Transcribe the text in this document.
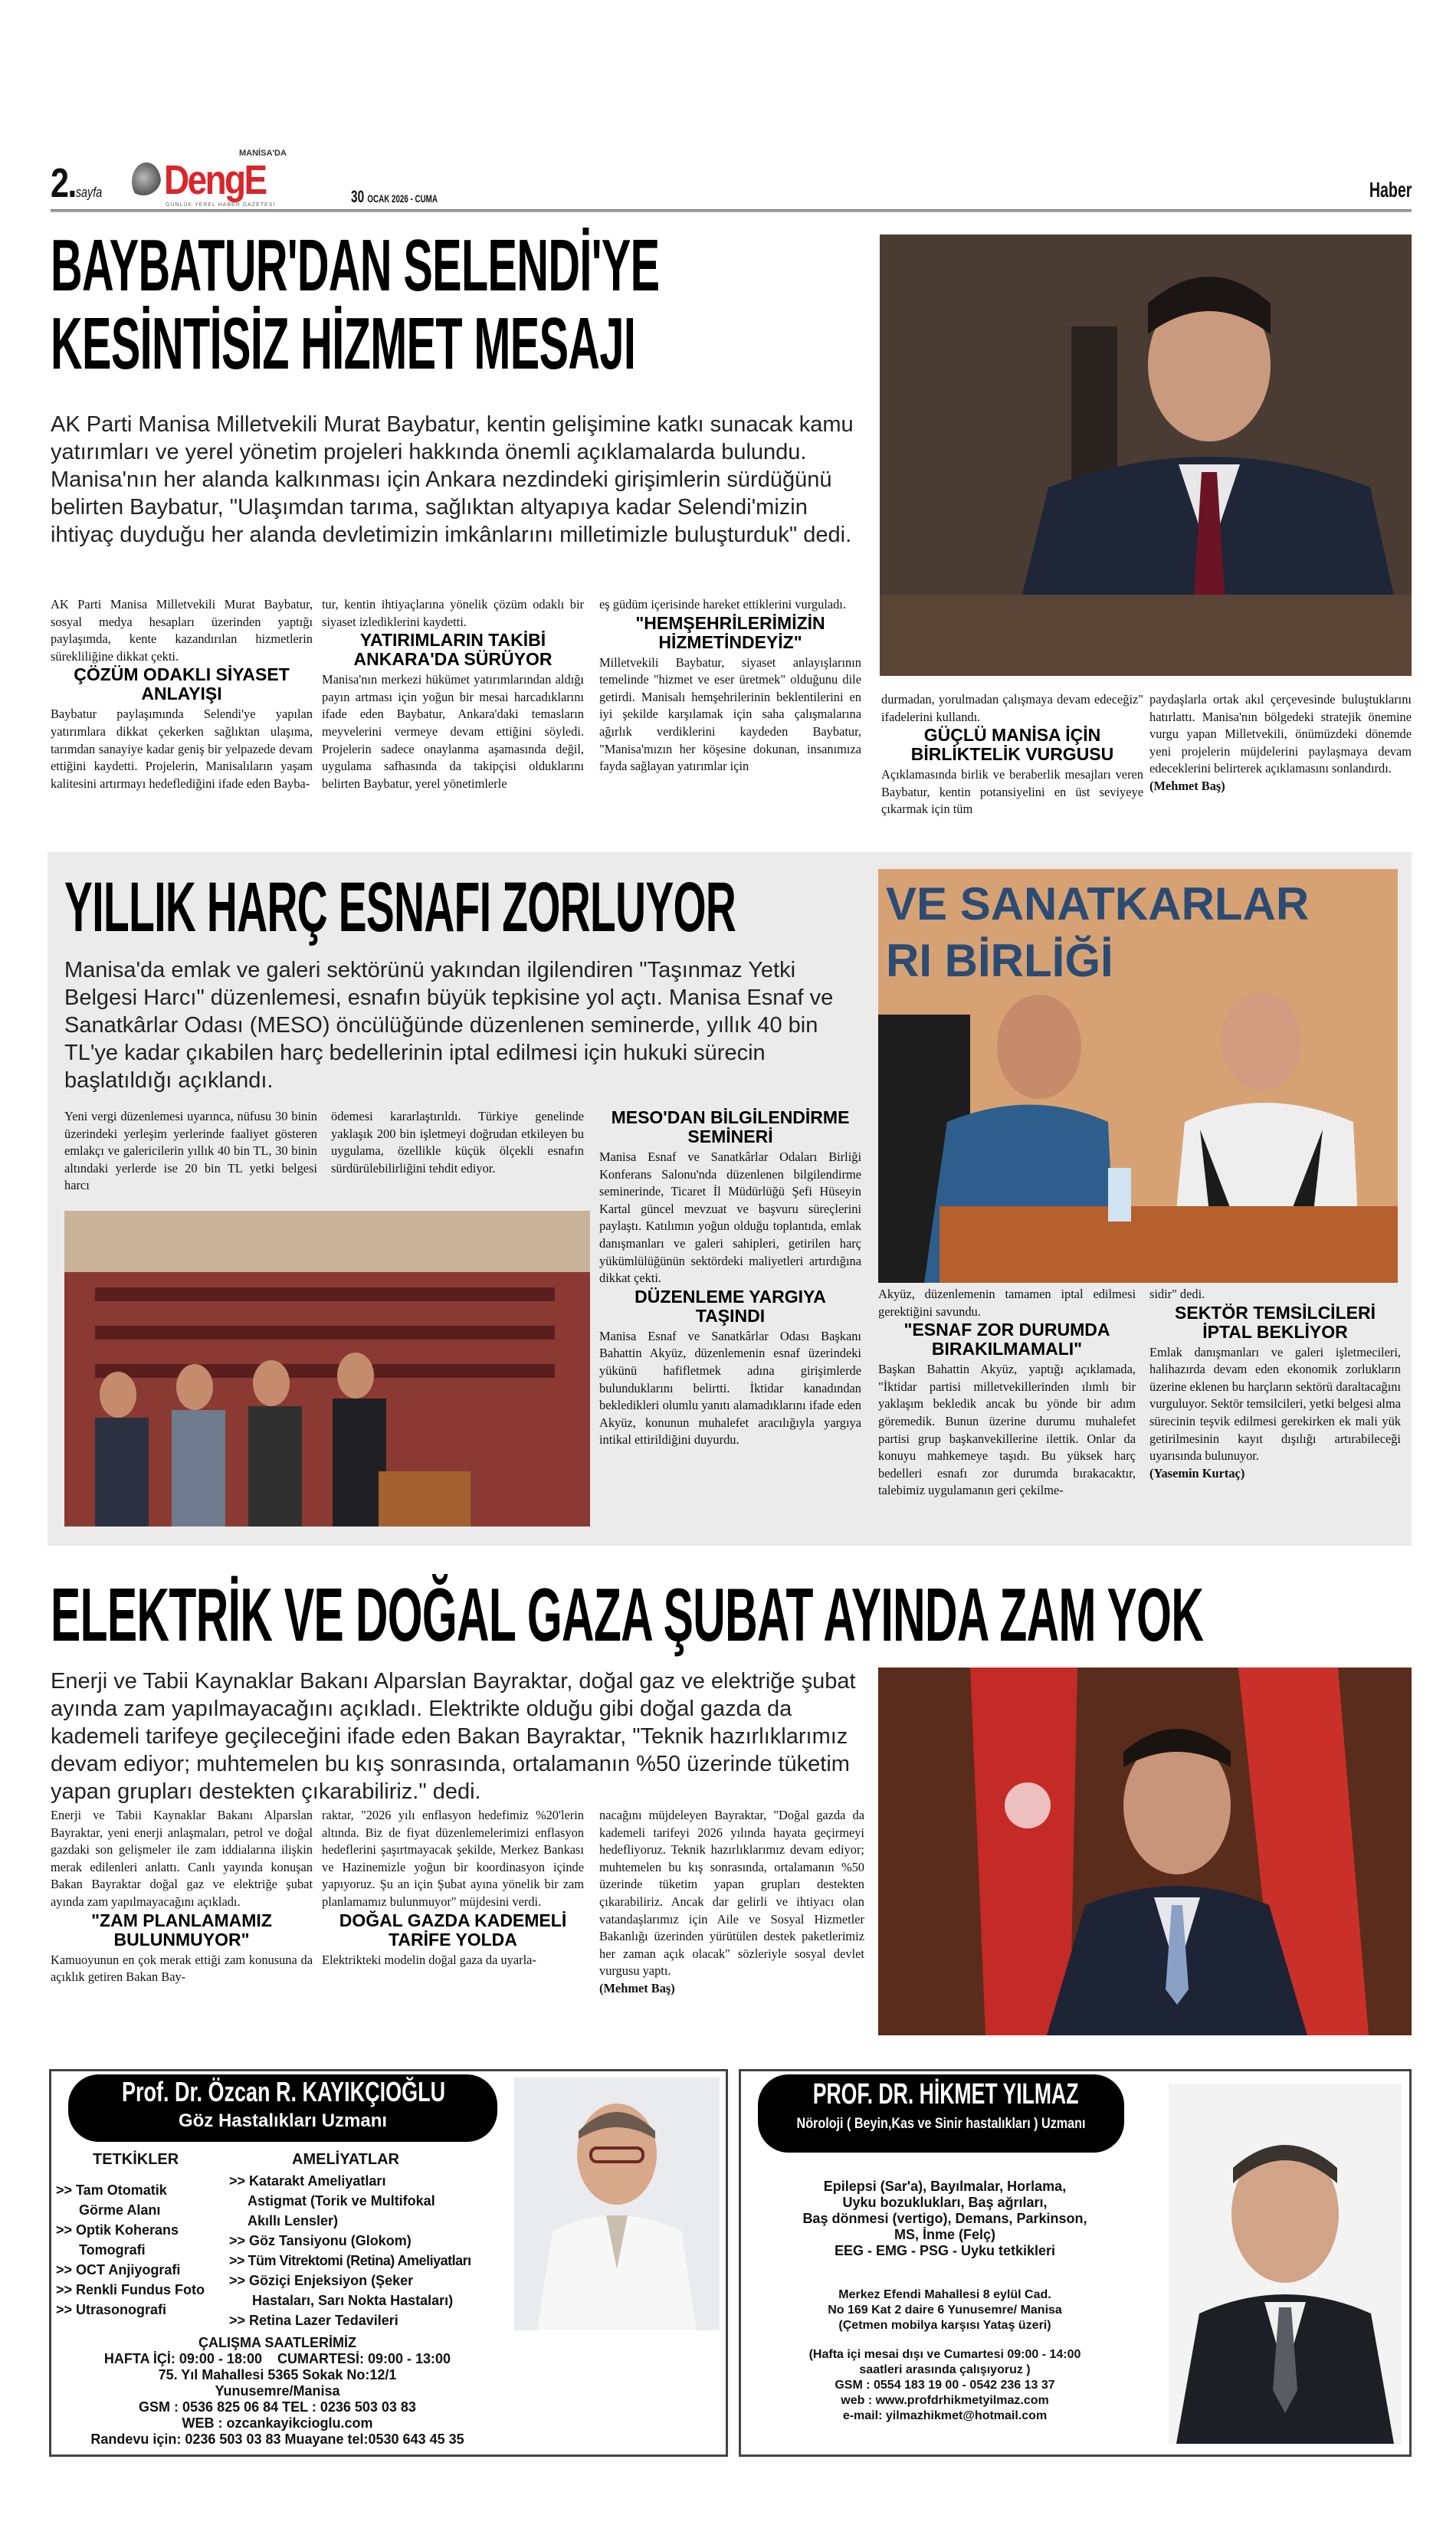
2.sayfa
MANİSA'DA
DengE
GÜNLÜK YEREL HABER GAZETESİ	30 OCAK 2026 - CUMA	Haber
BAYBATUR'DAN SELENDİ'YE
KESİNTİSİZ HİZMET MESAJI
AK Parti Manisa Milletvekili Murat Baybatur, kentin gelişimine katkı sunacak kamu yatırımları ve yerel yönetim projeleri hakkında önemli açıklamalarda bulundu. Manisa'nın her alanda kalkınması için Ankara nezdindeki girişimlerin sürdüğünü belirten Baybatur, "Ulaşımdan tarıma, sağlıktan altyapıya kadar Selendi'mizin ihtiyaç duyduğu her alanda devletimizin imkânlarını milletimizle buluşturduk" dedi.

AK Parti Manisa Milletvekili Murat Baybatur, sosyal medya hesapları üzerinden yaptığı paylaşımda, kente kazandırılan hizmetlerin sürekliliğine dikkat çekti.

ÇÖZÜM ODAKLI SİYASET ANLAYIŞI

Baybatur paylaşımında Selendi'ye yapılan yatırımlara dikkat çekerken sağlıktan ulaşıma, tarımdan sanayiye kadar geniş bir yelpazede devam ettiğini kaydetti. Projelerin, Manisalıların yaşam kalitesini artırmayı hedeflediğini ifade eden Bayba-

tur, kentin ihtiyaçlarına yönelik çözüm odaklı bir siyaset izlediklerini kaydetti.

YATIRIMLARIN TAKİBİ ANKARA'DA SÜRÜYOR

Manisa'nın merkezi hükümet yatırımlarından aldığı payın artması için yoğun bir mesai harcadıklarını ifade eden Baybatur, Ankara'daki temasların meyvelerini vermeye devam ettiğini söyledi. Projelerin sadece onaylanma aşamasında değil, uygulama safhasında da takipçisi olduklarını belirten Baybatur, yerel yönetimlerle

eş güdüm içerisinde hareket ettiklerini vurguladı.

"HEMŞEHRİLERİMİZİN HİZMETİNDEYİZ"

Milletvekili Baybatur, siyaset anlayışlarının temelinde "hizmet ve eser üretmek" olduğunu dile getirdi. Manisalı hemşehrilerinin beklentilerini en iyi şekilde karşılamak için saha çalışmalarına ağırlık verdiklerini kaydeden Baybatur, "Manisa'mızın her köşesine dokunan, insanımıza fayda sağlayan yatırımlar için

durmadan, yorulmadan çalışmaya devam edeceğiz" ifadelerini kullandı.

GÜÇLÜ MANİSA İÇİN BİRLİKTELİK VURGUSU

Açıklamasında birlik ve beraberlik mesajları veren Baybatur, kentin potansiyelini en üst seviyeye çıkarmak için tüm

paydaşlarla ortak akıl çerçevesinde buluştuklarını hatırlattı. Manisa'nın bölgedeki stratejik önemine vurgu yapan Milletvekili, önümüzdeki dönemde yeni projelerin müjdelerini paylaşmaya devam edeceklerini belirterek açıklamasını sonlandırdı.

(Mehmet Baş)

YILLIK HARÇ ESNAFI ZORLUYOR
Manisa'da emlak ve galeri sektörünü yakından ilgilendiren "Taşınmaz Yetki Belgesi Harcı" düzenlemesi, esnafın büyük tepkisine yol açtı. Manisa Esnaf ve Sanatkârlar Odası (MESO) öncülüğünde düzenlenen seminerde, yıllık 40 bin TL'ye kadar çıkabilen harç bedellerinin iptal edilmesi için hukuki sürecin başlatıldığı açıklandı.
VE SANATKARLAR
RI BİRLİĞİ
Yeni vergi düzenlemesi uyarınca, nüfusu 30 binin üzerindeki yerleşim yerlerinde faaliyet gösteren emlakçı ve galericilerin yıllık 40 bin TL, 30 binin altındaki yerlerde ise 20 bin TL yetki belgesi harcı
ödemesi kararlaştırıldı. Türkiye genelinde yaklaşık 200 bin işletmeyi doğrudan etkileyen bu uygulama, özellikle küçük ölçekli esnafın sürdürülebilirliğini tehdit ediyor.
MESO'DAN BİLGİLENDİRME SEMİNERİ

Manisa Esnaf ve Sanatkârlar Odaları Birliği Konferans Salonu'nda düzenlenen bilgilendirme seminerinde, Ticaret İl Müdürlüğü Şefi Hüseyin Kartal güncel mevzuat ve başvuru süreçlerini paylaştı. Katılımın yoğun olduğu toplantıda, emlak danışmanları ve galeri sahipleri, getirilen harç yükümlülüğünün sektördeki maliyetleri artırdığına dikkat çekti.

DÜZENLEME YARGIYA TAŞINDI

Manisa Esnaf ve Sanatkârlar Odası Başkanı Bahattin Akyüz, düzenlemenin esnaf üzerindeki yükünü hafifletmek adına girişimlerde bulunduklarını belirtti. İktidar kanadından bekledikleri olumlu yanıtı alamadıklarını ifade eden Akyüz, konunun muhalefet aracılığıyla yargıya intikal ettirildiğini duyurdu.

Akyüz, düzenlemenin tamamen iptal edilmesi gerektiğini savundu.

"ESNAF ZOR DURUMDA BIRAKILMAMALI"

Başkan Bahattin Akyüz, yaptığı açıklamada, "İktidar partisi milletvekillerinden ılımlı bir yaklaşım bekledik ancak bu yönde bir adım göremedik. Bunun üzerine durumu muhalefet partisi grup başkanvekillerine ilettik. Onlar da konuyu mahkemeye taşıdı. Bu yüksek harç bedelleri esnafı zor durumda bırakacaktır, talebimiz uygulamanın geri çekilme-

sidir" dedi.

SEKTÖR TEMSİLCİLERİ İPTAL BEKLİYOR

Emlak danışmanları ve galeri işletmecileri, halihazırda devam eden ekonomik zorlukların üzerine eklenen bu harçların sektörü daraltacağını vurguluyor. Sektör temsilcileri, yetki belgesi alma sürecinin teşvik edilmesi gerekirken ek mali yük getirilmesinin kayıt dışılığı artırabileceği uyarısında bulunuyor.

(Yasemin Kurtaç)

ELEKTRİK VE DOĞAL GAZA ŞUBAT AYINDA ZAM YOK
Enerji ve Tabii Kaynaklar Bakanı Alparslan Bayraktar, doğal gaz ve elektriğe şubat ayında zam yapılmayacağını açıkladı. Elektrikte olduğu gibi doğal gazda da kademeli tarifeye geçileceğini ifade eden Bakan Bayraktar, "Teknik hazırlıklarımız devam ediyor; muhtemelen bu kış sonrasında, ortalamanın %50 üzerinde tüketim yapan grupları destekten çıkarabiliriz." dedi.

Enerji ve Tabii Kaynaklar Bakanı Alparslan Bayraktar, yeni enerji anlaşmaları, petrol ve doğal gazdaki son gelişmeler ile zam iddialarına ilişkin merak edilenleri anlattı. Canlı yayında konuşan Bakan Bayraktar doğal gaz ve elektriğe şubat ayında zam yapılmayacağını açıkladı.

"ZAM PLANLAMAMIZ BULUNMUYOR"

Kamuoyunun en çok merak ettiği zam konusuna da açıklık getiren Bakan Bay-

raktar, "2026 yılı enflasyon hedefimiz %20'lerin altında. Biz de fiyat düzenlemelerimizi enflasyon hedeflerini şaşırtmayacak şekilde, Merkez Bankası ve Hazinemizle yoğun bir koordinasyon içinde yapıyoruz. Şu an için Şubat ayına yönelik bir zam planlamamız bulunmuyor" müjdesini verdi.

DOĞAL GAZDA KADEMELİ TARİFE YOLDA

Elektrikteki modelin doğal gaza da uyarla-

nacağını müjdeleyen Bayraktar, "Doğal gazda da kademeli tarifeyi 2026 yılında hayata geçirmeyi hedefliyoruz. Teknik hazırlıklarımız devam ediyor; muhtemelen bu kış sonrasında, ortalamanın %50 üzerinde tüketim yapan grupları destekten çıkarabiliriz. Ancak dar gelirli ve ihtiyacı olan vatandaşlarımız için Aile ve Sosyal Hizmetler Bakanlığı üzerinden yürütülen destek paketlerimiz her zaman açık olacak" sözleriyle sosyal devlet vurgusu yaptı.

(Mehmet Baş)

Prof. Dr. Özcan R. KAYIKÇIOĞLU
Göz Hastalıkları Uzmanı
TETKİKLER
>> Tam Otomatik
Görme Alanı
>> Optik Koherans
Tomografi
>> OCT Anjiyografi
>> Renkli Fundus Foto
>> Utrasonografi
AMELİYATLAR
>> Katarakt Ameliyatları
Astigmat (Torik ve Multifokal
Akıllı Lensler)
>> Göz Tansiyonu (Glokom)
>> Tüm Vitrektomi (Retina) Ameliyatları
>> Göziçi Enjeksiyon (Şeker
Hastaları, Sarı Nokta Hastaları)
>> Retina Lazer Tedavileri
ÇALIŞMA SAATLERİMİZ
HAFTA İÇİ: 09:00 - 18:00 CUMARTESİ: 09:00 - 13:00
75. Yıl Mahallesi 5365 Sokak No:12/1
Yunusemre/Manisa
GSM : 0536 825 06 84 TEL : 0236 503 03 83
WEB : ozcankayikcioglu.com
Randevu için: 0236 503 03 83 Muayane tel:0530 643 45 35
PROF. DR. HİKMET YILMAZ
Nöroloji ( Beyin,Kas ve Sinir hastalıkları ) Uzmanı
Epilepsi (Sar'a), Bayılmalar, Horlama,
Uyku bozuklukları, Baş ağrıları,
Baş dönmesi (vertigo), Demans, Parkinson,
MS, İnme (Felç)
EEG - EMG - PSG - Uyku tetkikleri
Merkez Efendi Mahallesi 8 eylül Cad.
No 169 Kat 2 daire 6 Yunusemre/ Manisa
(Çetmen mobilya karşısı Yataş üzeri)
(Hafta içi mesai dışı ve Cumartesi 09:00 - 14:00
saatleri arasında çalışıyoruz )
GSM : 0554 183 19 00 - 0542 236 13 37
web : www.profdrhikmetyilmaz.com
e-mail: yilmazhikmet@hotmail.com
